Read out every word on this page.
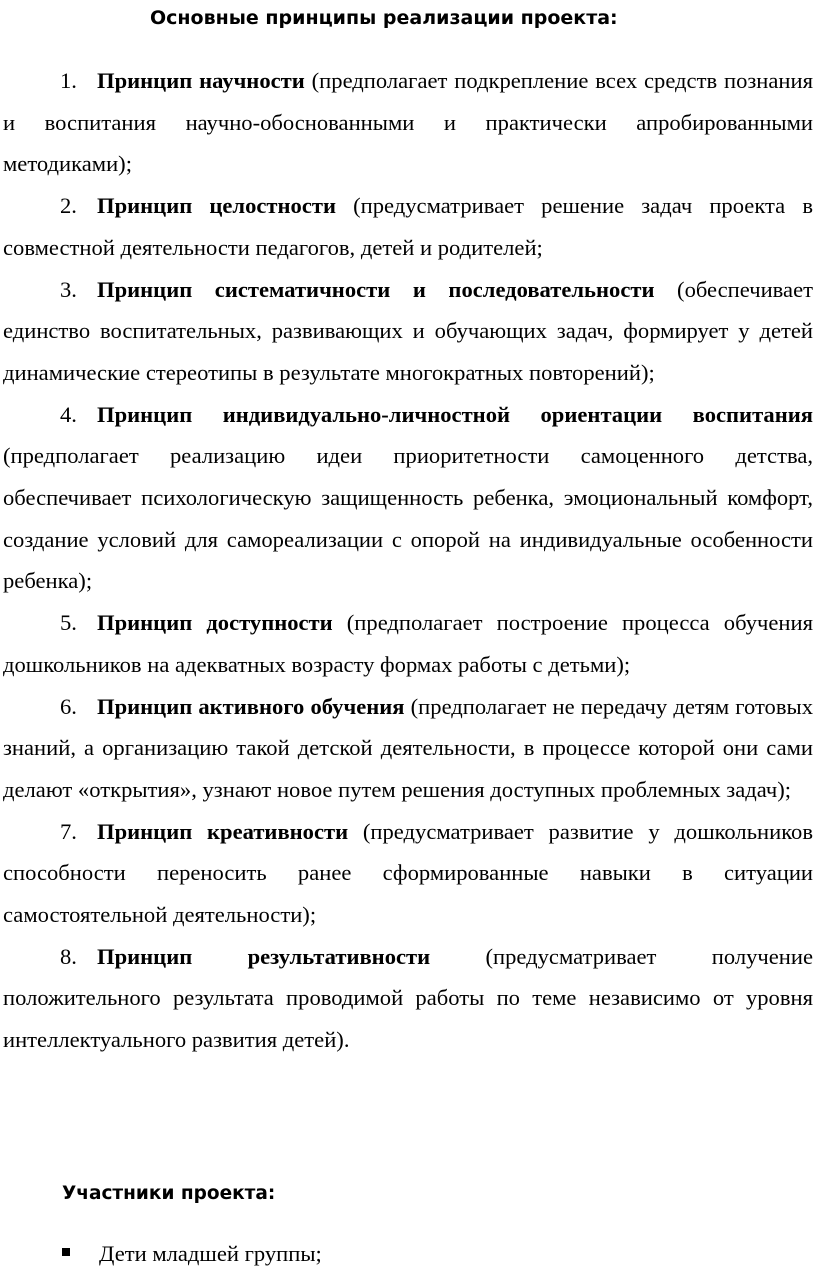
Основные принципы реализации проекта:

1. Принцип научности (предполагает подкрепление всех средств познания и воспитания научно-обоснованными и практически апробированными методиками);

2. Принцип целостности (предусматривает решение задач проекта в совместной деятельности педагогов, детей и родителей;

3. Принцип систематичности и последовательности (обеспечивает единство воспитательных, развивающих и обучающих задач, формирует у детей динамические стереотипы в результате многократных повторений);

4. Принцип индивидуально-личностной ориентации воспитания (предполагает реализацию идеи приоритетности самоценного детства, обеспечивает психологическую защищенность ребенка, эмоциональный комфорт, создание условий для самореализации с опорой на индивидуальные особенности ребенка);

5. Принцип доступности (предполагает построение процесса обучения дошкольников на адекватных возрасту формах работы с детьми);

6. Принцип активного обучения (предполагает не передачу детям готовых знаний, а организацию такой детской деятельности, в процессе которой они сами делают «открытия», узнают новое путем решения доступных проблемных задач);

7. Принцип креативности (предусматривает развитие у дошкольников способности переносить ранее сформированные навыки в ситуации самостоятельной деятельности);

8. Принцип результативности (предусматривает получение положительного результата проводимой работы по теме независимо от уровня интеллектуального развития детей).

Участники проекта:
Дети младшей группы;
